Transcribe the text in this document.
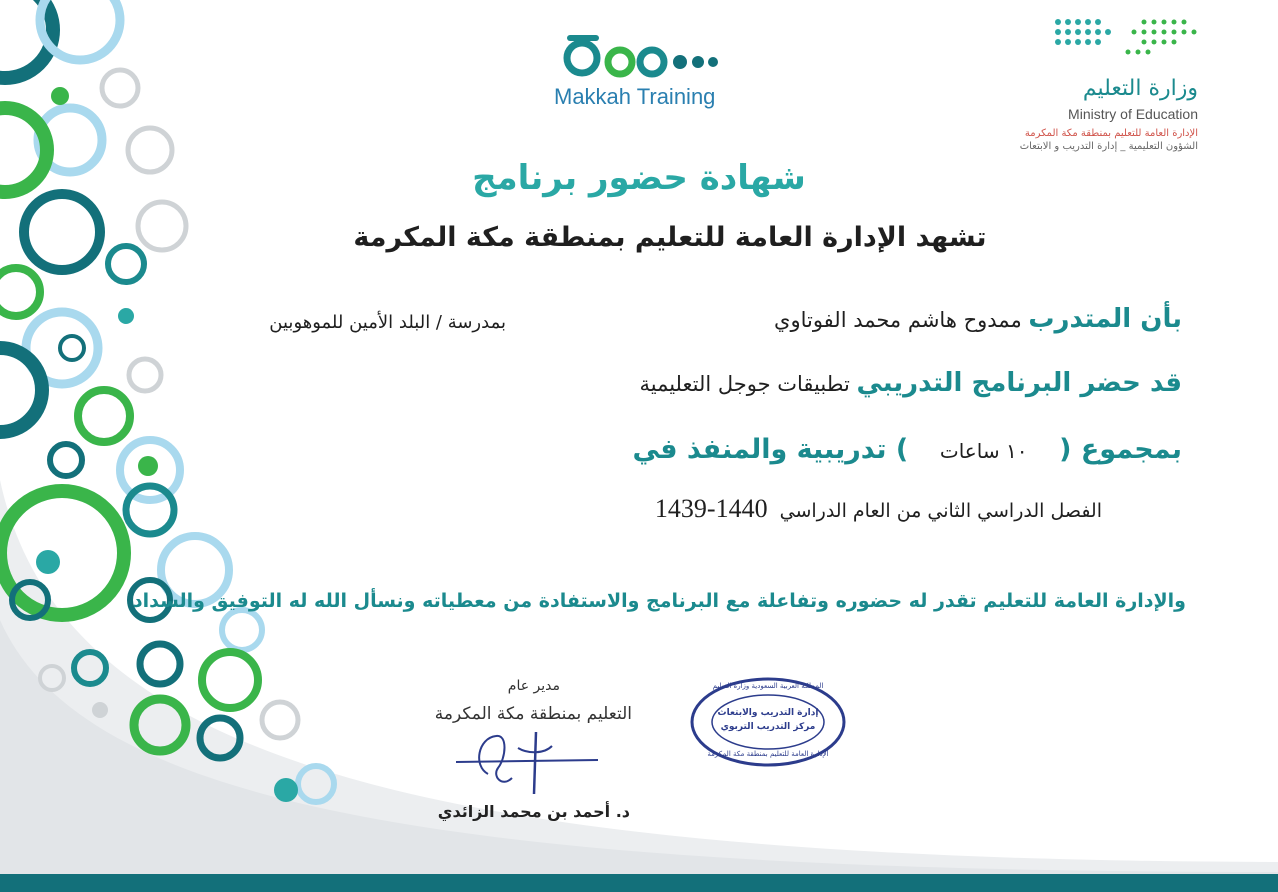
Makkah Training	وزارة التعليم
Ministry of Education
الإدارة العامة للتعليم بمنطقة مكة المكرمة
الشؤون التعليمية _ إدارة التدريب و الابتعاث
شهادة حضور برنامج
تشهد الإدارة العامة للتعليم بمنطقة مكة المكرمة
بأن المتدرب ممدوح هاشم محمد الفوتاوي
بمدرسة / البلد الأمين للموهوبين
قد حضر البرنامج التدريبي تطبيقات جوجل التعليمية
بمجموع ( ١٠ ساعات ) تدريبية والمنفذ في
الفصل الدراسي الثاني من العام الدراسي 1440-1439
والإدارة العامة للتعليم تقدر له حضوره وتفاعلة مع البرنامج والاستفادة من معطياته ونسأل الله له التوفيق والسداد
المملكة العربية السعودية وزارة التعليم
إدارة التدريب والابتعاث
مركز التدريب التربوي
الإدارة العامة للتعليم بمنطقة مكة المكرمة
مدير عام
التعليم بمنطقة مكة المكرمة
د. أحمد بن محمد الزائدي
